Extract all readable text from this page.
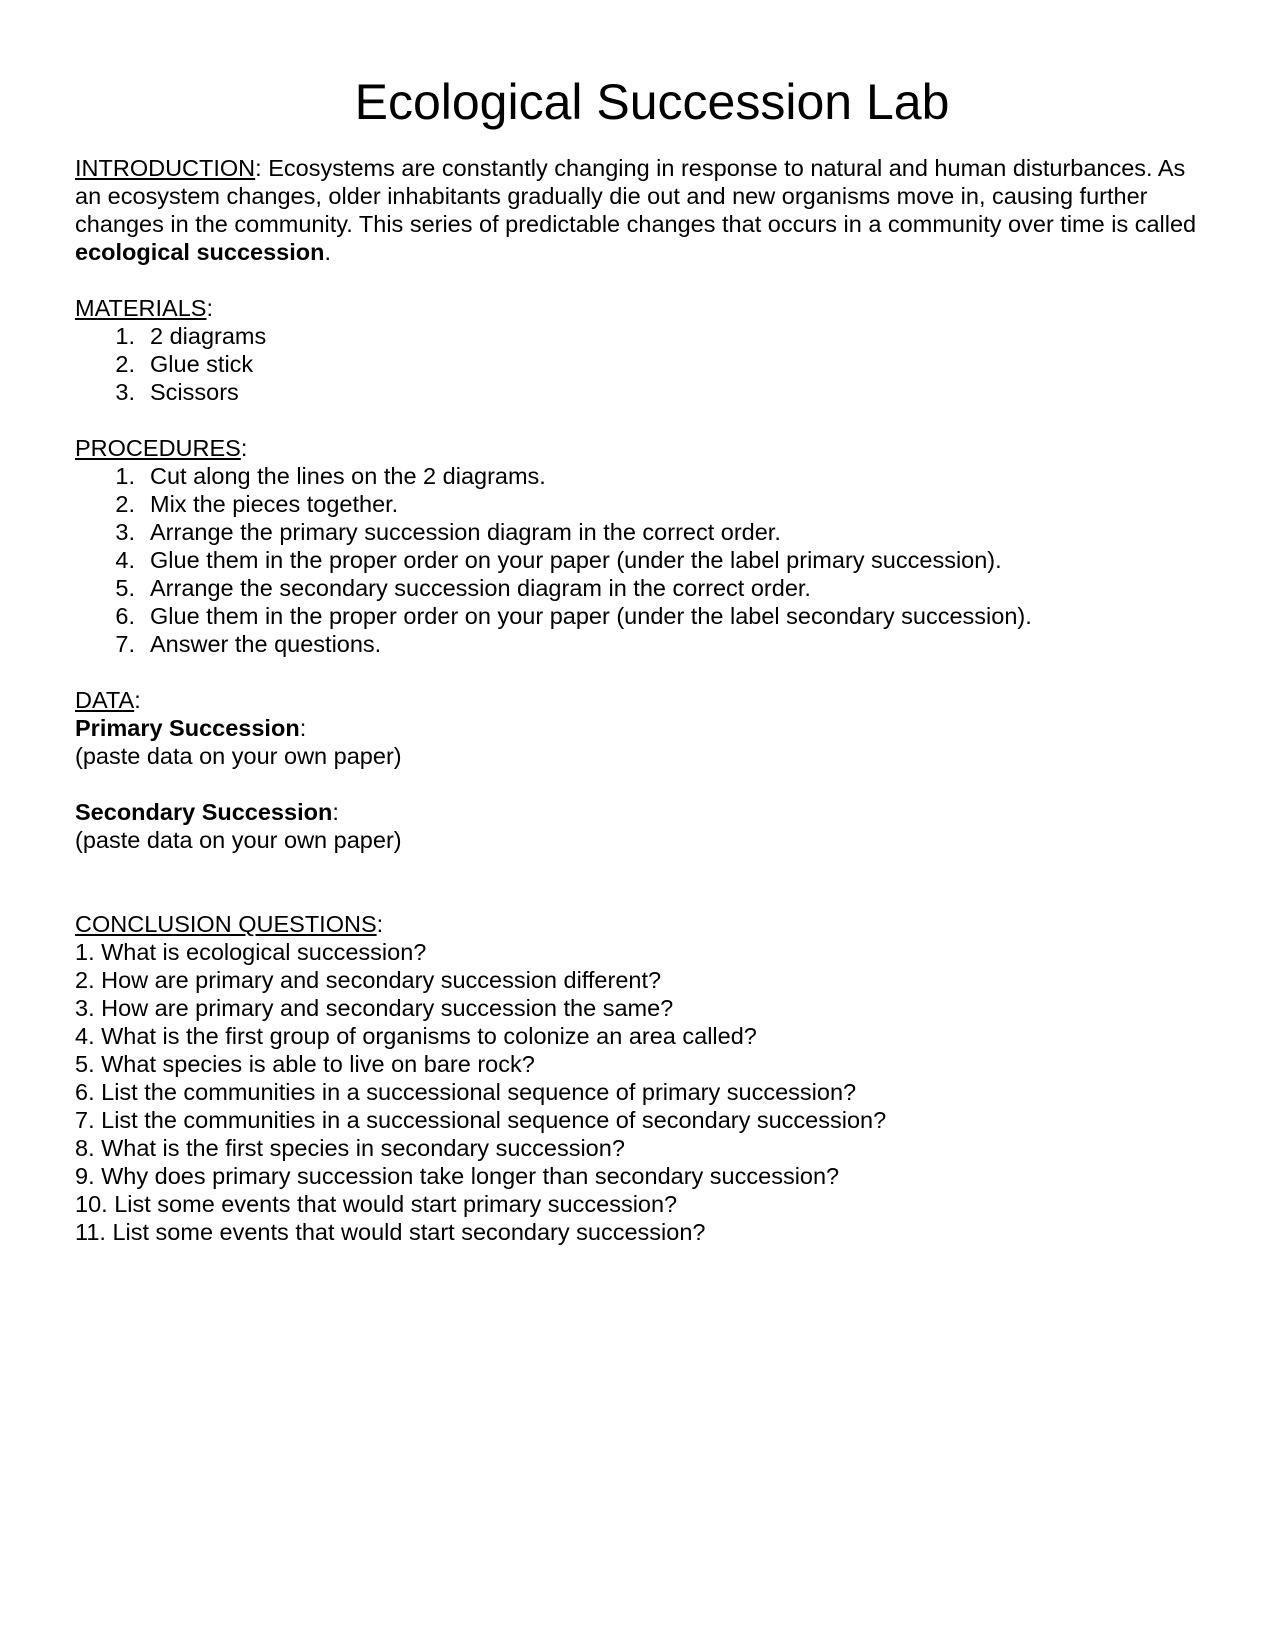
Ecological Succession Lab

INTRODUCTION: Ecosystems are constantly changing in response to natural and human disturbances. As an ecosystem changes, older inhabitants gradually die out and new organisms move in, causing further changes in the community. This series of predictable changes that occurs in a community over time is called ecological succession.

MATERIALS:

1. 2 diagrams
2. Glue stick
3. Scissors

PROCEDURES:

1. Cut along the lines on the 2 diagrams.
2. Mix the pieces together.
3. Arrange the primary succession diagram in the correct order.
4. Glue them in the proper order on your paper (under the label primary succession).
5. Arrange the secondary succession diagram in the correct order.
6. Glue them in the proper order on your paper (under the label secondary succession).
7. Answer the questions.

DATA:

Primary Succession:

(paste data on your own paper)

Secondary Succession:

(paste data on your own paper)

CONCLUSION QUESTIONS:

1. What is ecological succession?
2. How are primary and secondary succession different?
3. How are primary and secondary succession the same?
4. What is the first group of organisms to colonize an area called?
5. What species is able to live on bare rock?
6. List the communities in a successional sequence of primary succession?
7. List the communities in a successional sequence of secondary succession?
8. What is the first species in secondary succession?
9. Why does primary succession take longer than secondary succession?
10. List some events that would start primary succession?
11. List some events that would start secondary succession?
